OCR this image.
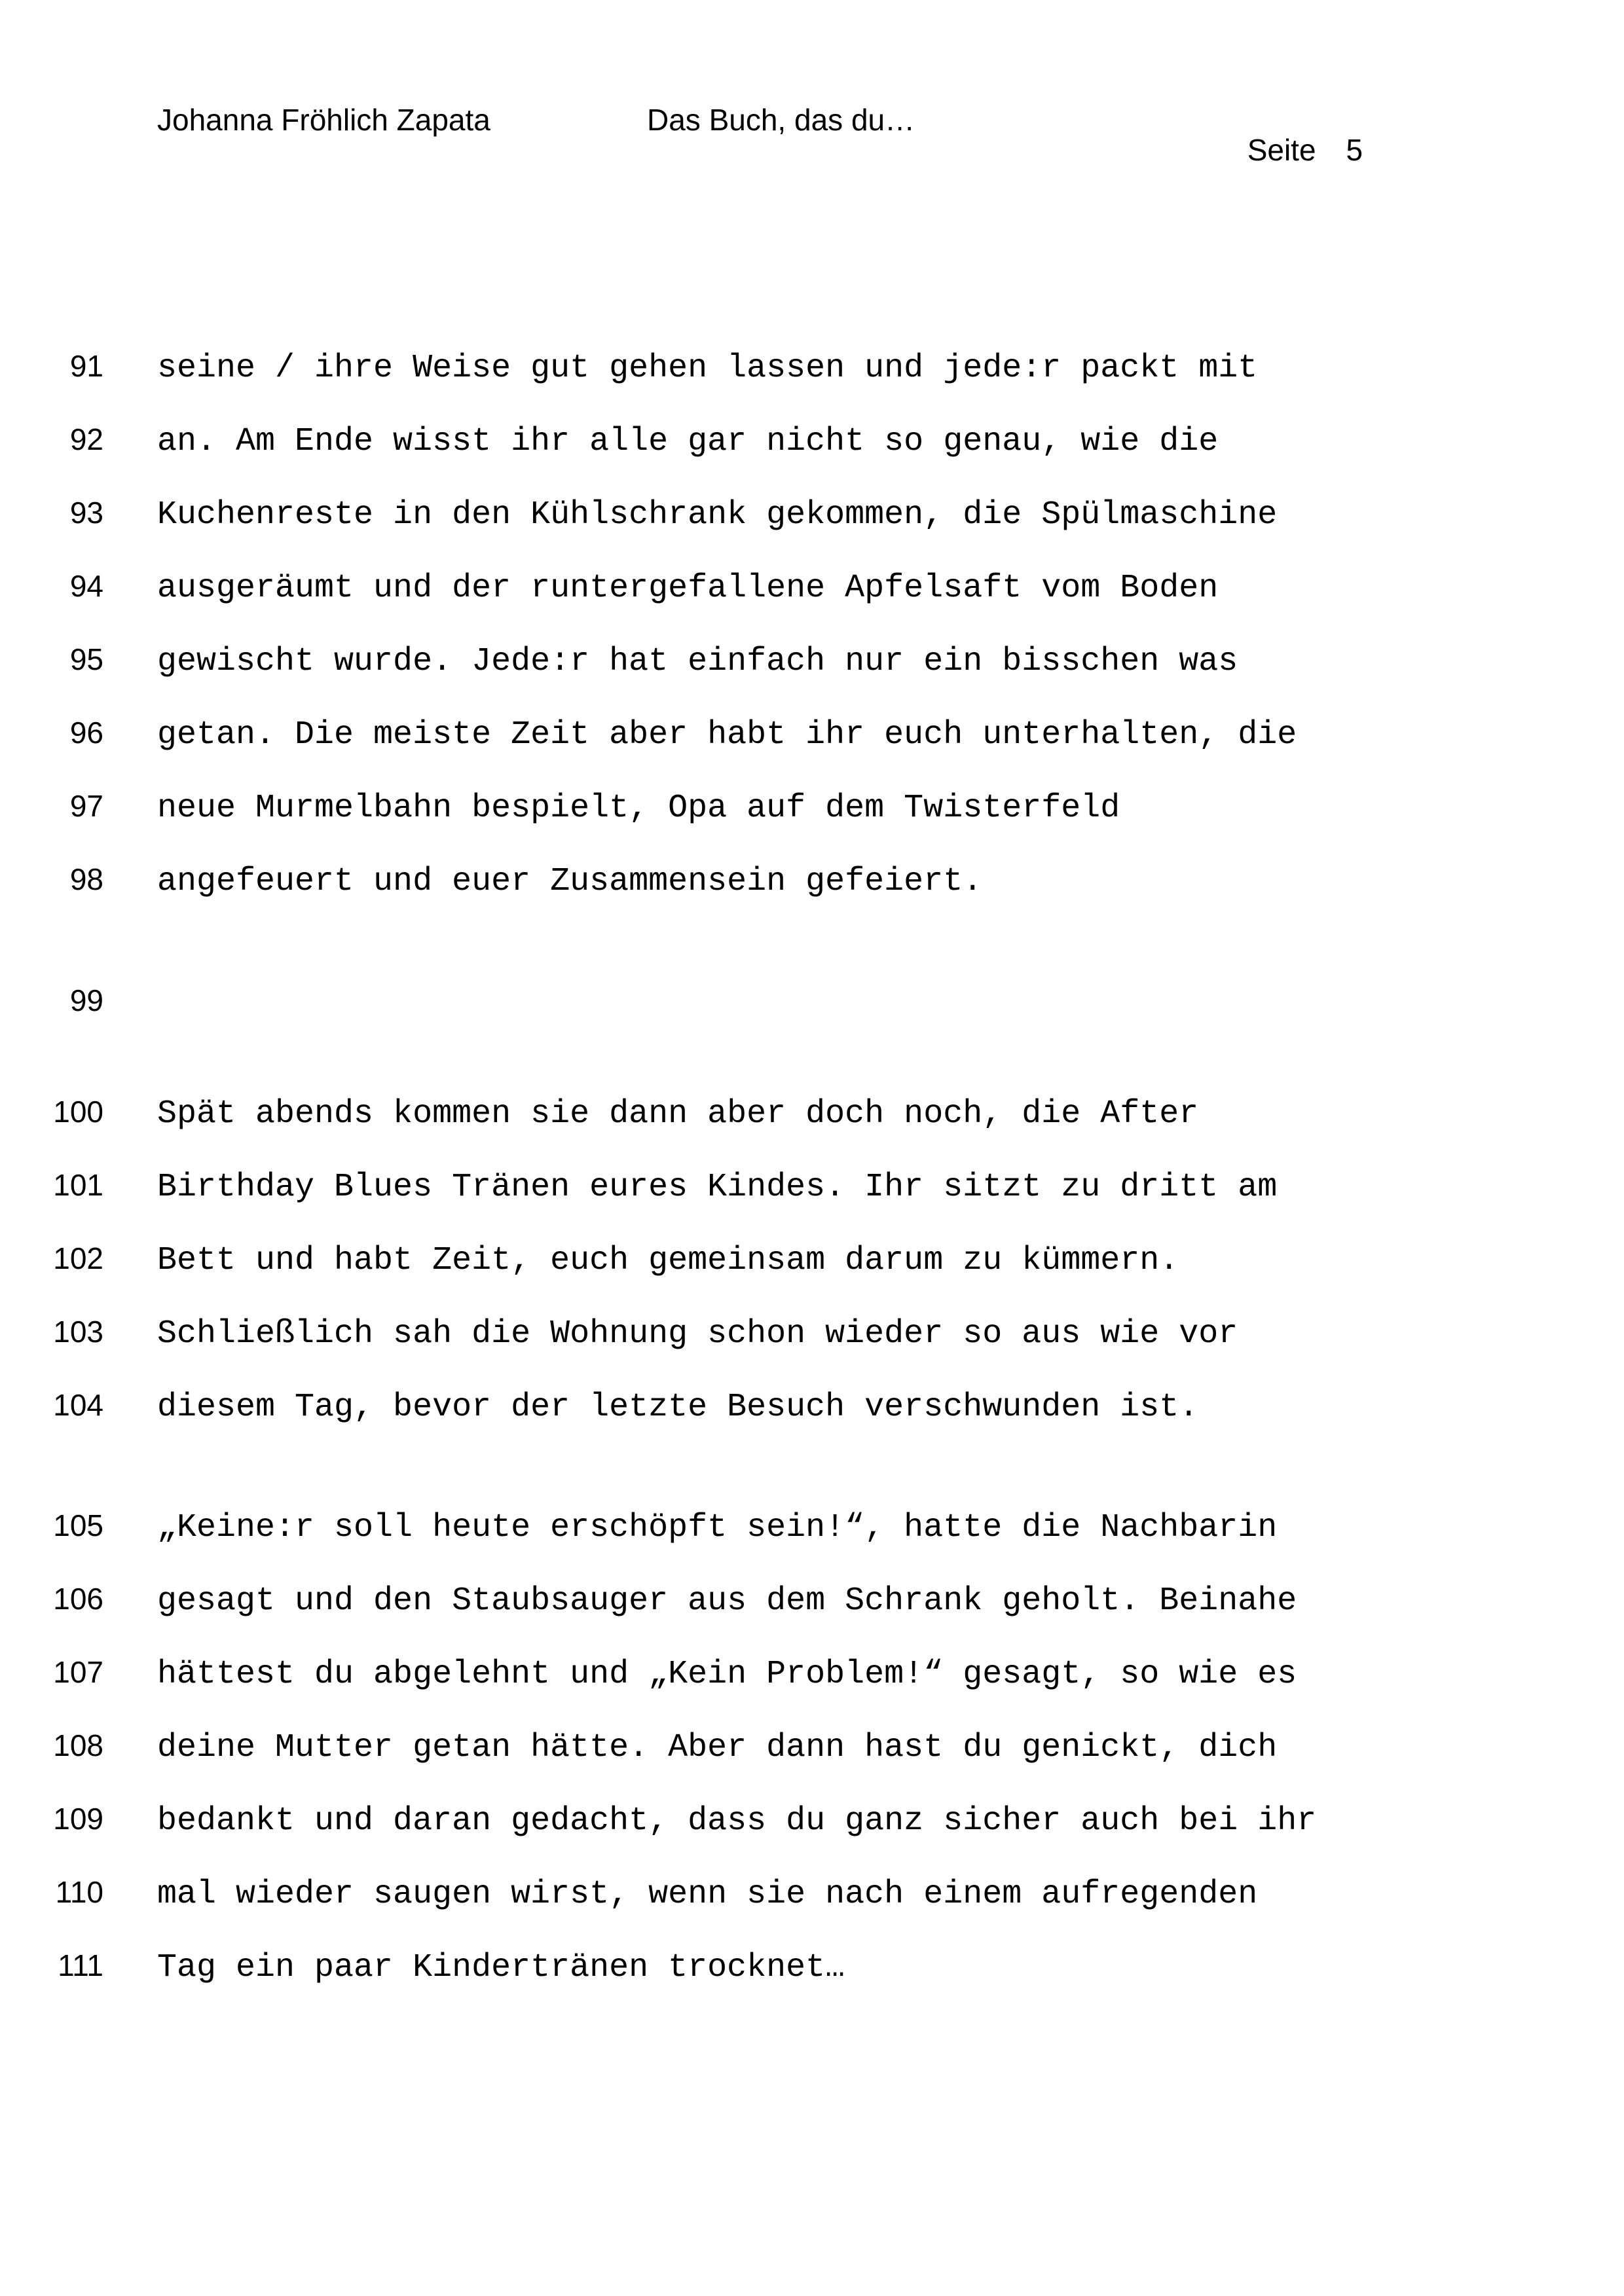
Johanna Fröhlich Zapata	Das Buch, das du…

Seite 5

91 seine / ihre Weise gut gehen lassen und jede:r packt mit
92 an. Am Ende wisst ihr alle gar nicht so genau, wie die
93 Kuchenreste in den Kühlschrank gekommen, die Spülmaschine
94 ausgeräumt und der runtergefallene Apfelsaft vom Boden
95 gewischt wurde. Jede:r hat einfach nur ein bisschen was
96 getan. Die meiste Zeit aber habt ihr euch unterhalten, die
97 neue Murmelbahn bespielt, Opa auf dem Twisterfeld
98 angefeuert und euer Zusammensein gefeiert.
99
100 Spät abends kommen sie dann aber doch noch, die After
101 Birthday Blues Tränen eures Kindes. Ihr sitzt zu dritt am
102 Bett und habt Zeit, euch gemeinsam darum zu kümmern.
103 Schließlich sah die Wohnung schon wieder so aus wie vor
104 diesem Tag, bevor der letzte Besuch verschwunden ist.
105 „Keine:r soll heute erschöpft sein!“, hatte die Nachbarin
106 gesagt und den Staubsauger aus dem Schrank geholt. Beinahe
107 hättest du abgelehnt und „Kein Problem!“ gesagt, so wie es
108 deine Mutter getan hätte. Aber dann hast du genickt, dich
109 bedankt und daran gedacht, dass du ganz sicher auch bei ihr
110 mal wieder saugen wirst, wenn sie nach einem aufregenden
111 Tag ein paar Kindertränen trocknet…
